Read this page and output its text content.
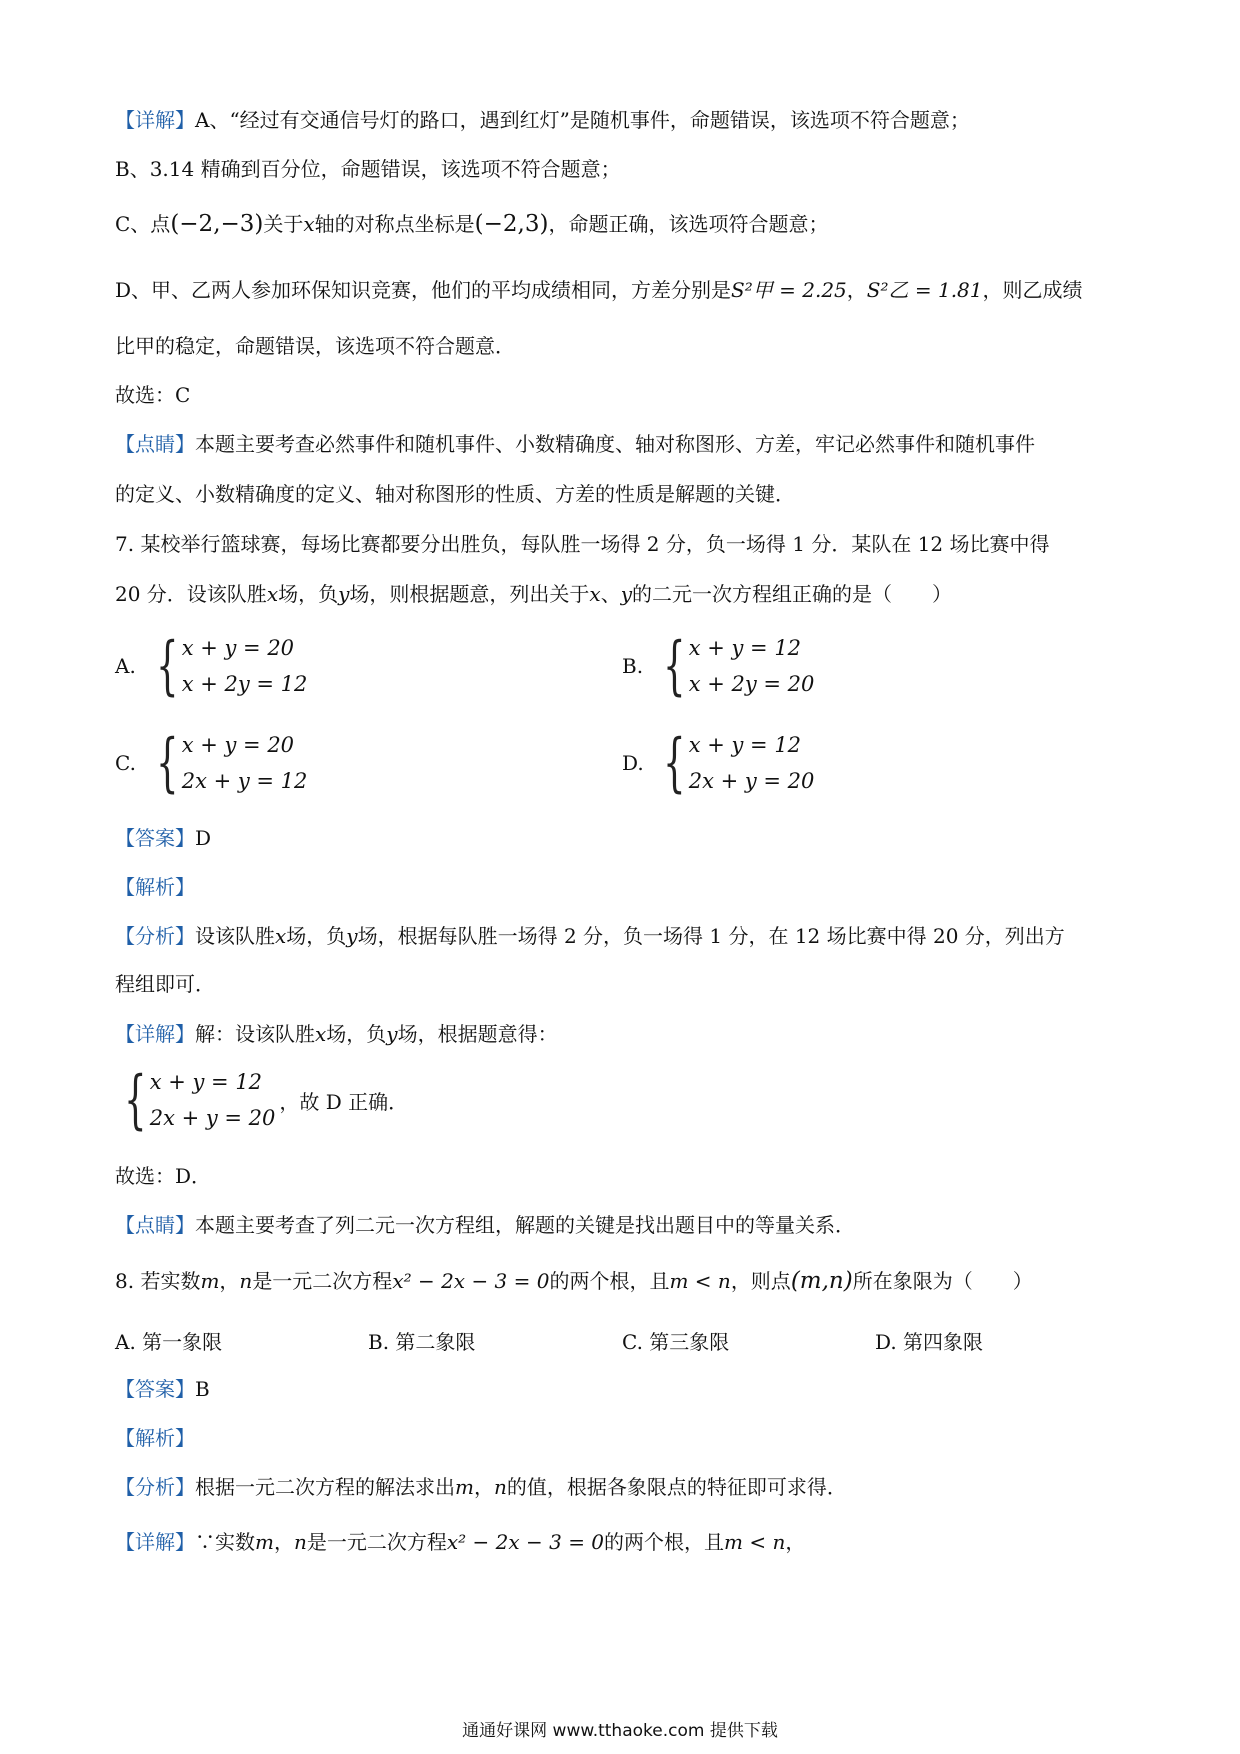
【详解】A、“经过有交通信号灯的路口，遇到红灯”是随机事件，命题错误，该选项不符合题意；
B、3.14 精确到百分位，命题错误，该选项不符合题意；
C、点(−2,−3)关于x轴的对称点坐标是(−2,3)，命题正确，该选项符合题意；
D、甲、乙两人参加环保知识竞赛，他们的平均成绩相同，方差分别是S²甲 = 2.25，S²乙 = 1.81，则乙成绩
比甲的稳定，命题错误，该选项不符合题意．
故选：C
【点睛】本题主要考查必然事件和随机事件、小数精确度、轴对称图形、方差，牢记必然事件和随机事件
的定义、小数精确度的定义、轴对称图形的性质、方差的性质是解题的关键．
7. 某校举行篮球赛，每场比赛都要分出胜负，每队胜一场得 2 分，负一场得 1 分．某队在 12 场比赛中得
20 分．设该队胜x场，负y场，则根据题意，列出关于x、y的二元一次方程组正确的是（　　）
A. { x + y = 20
x + 2y = 12
B. { x + y = 12
x + 2y = 20
C. { x + y = 20
2x + y = 12
D. { x + y = 12
2x + y = 20
【答案】D
【解析】
【分析】设该队胜x场，负y场，根据每队胜一场得 2 分，负一场得 1 分，在 12 场比赛中得 20 分，列出方
程组即可．
【详解】解：设该队胜x场，负y场，根据题意得：
{ x + y = 12
2x + y = 20
，故 D 正确．
故选：D．
【点睛】本题主要考查了列二元一次方程组，解题的关键是找出题目中的等量关系．
8. 若实数m，n是一元二次方程x² − 2x − 3 = 0的两个根，且m < n，则点(m,n)所在象限为（　　）
A. 第一象限	B. 第二象限	C. 第三象限	D. 第四象限
【答案】B
【解析】
【分析】根据一元二次方程的解法求出m，n的值，根据各象限点的特征即可求得．
【详解】∵实数m，n是一元二次方程x² − 2x − 3 = 0的两个根，且m < n，
通通好课网 www.tthaoke.com 提供下载
